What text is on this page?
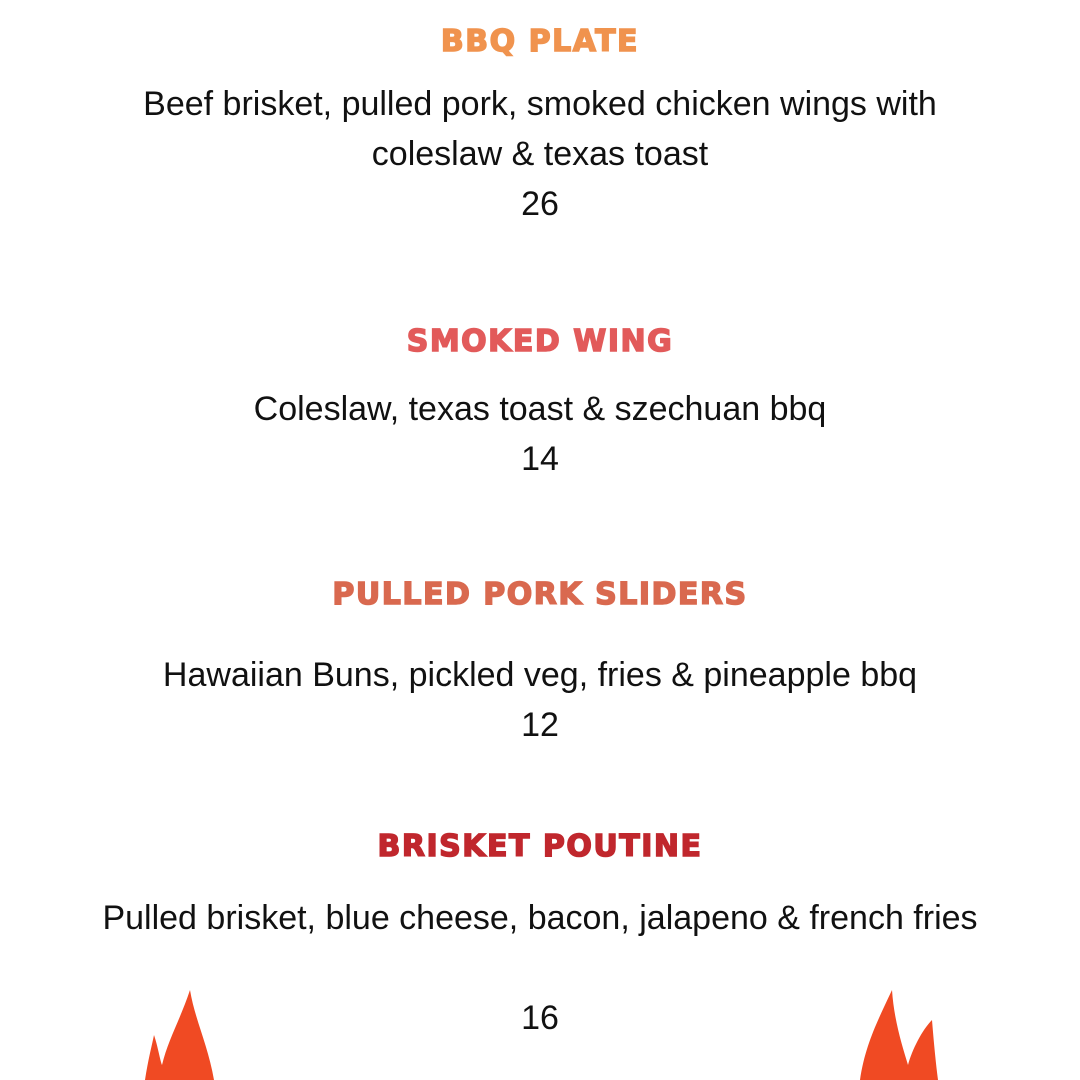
BBQ PLATE
Beef brisket, pulled pork, smoked chicken wings with coleslaw & texas toast
26
SMOKED WING
Coleslaw, texas toast & szechuan bbq
14
PULLED PORK SLIDERS
Hawaiian Buns, pickled veg, fries & pineapple bbq
12
BRISKET POUTINE
Pulled brisket, blue cheese, bacon, jalapeno & french fries
16
